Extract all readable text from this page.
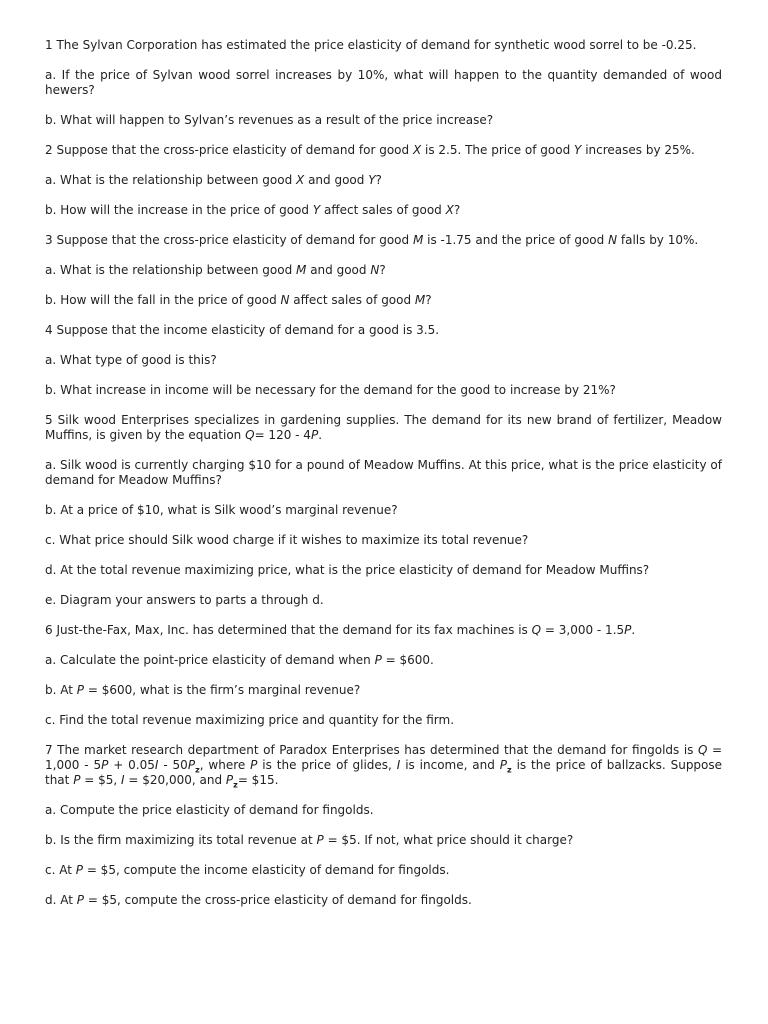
1 The Sylvan Corporation has estimated the price elasticity of demand for synthetic wood sorrel to be -0.25.

a. If the price of Sylvan wood sorrel increases by 10%, what will happen to the quantity demanded of wood hewers?

b. What will happen to Sylvan’s revenues as a result of the price increase?

2 Suppose that the cross-price elasticity of demand for good X is 2.5. The price of good Y increases by 25%.

a. What is the relationship between good X and good Y?

b. How will the increase in the price of good Y affect sales of good X?

3 Suppose that the cross-price elasticity of demand for good M is -1.75 and the price of good N falls by 10%.

a. What is the relationship between good M and good N?

b. How will the fall in the price of good N affect sales of good M?

4 Suppose that the income elasticity of demand for a good is 3.5.

a. What type of good is this?

b. What increase in income will be necessary for the demand for the good to increase by 21%?

5 Silk wood Enterprises specializes in gardening supplies. The demand for its new brand of fertilizer, Meadow Muffins, is given by the equation Q= 120 - 4P.

a. Silk wood is currently charging $10 for a pound of Meadow Muffins. At this price, what is the price elasticity of demand for Meadow Muffins?

b. At a price of $10, what is Silk wood’s marginal revenue?

c. What price should Silk wood charge if it wishes to maximize its total revenue?

d. At the total revenue maximizing price, what is the price elasticity of demand for Meadow Muffins?

e. Diagram your answers to parts a through d.

6 Just-the-Fax, Max, Inc. has determined that the demand for its fax machines is Q = 3,000 - 1.5P.

a. Calculate the point-price elasticity of demand when P = $600.

b. At P = $600, what is the firm’s marginal revenue?

c. Find the total revenue maximizing price and quantity for the firm.

7 The market research department of Paradox Enterprises has determined that the demand for fingolds is $Q = 1,000 - 5P + 0.05I - 50P_z$, where P is the price of glides, I is income, and $P_z$ is the price of ballzacks. Suppose that P = $5, I = $20,000, and $P_z=$ $15.

a. Compute the price elasticity of demand for fingolds.

b. Is the firm maximizing its total revenue at P = $5. If not, what price should it charge?

c. At P = $5, compute the income elasticity of demand for fingolds.

d. At P = $5, compute the cross-price elasticity of demand for fingolds.
